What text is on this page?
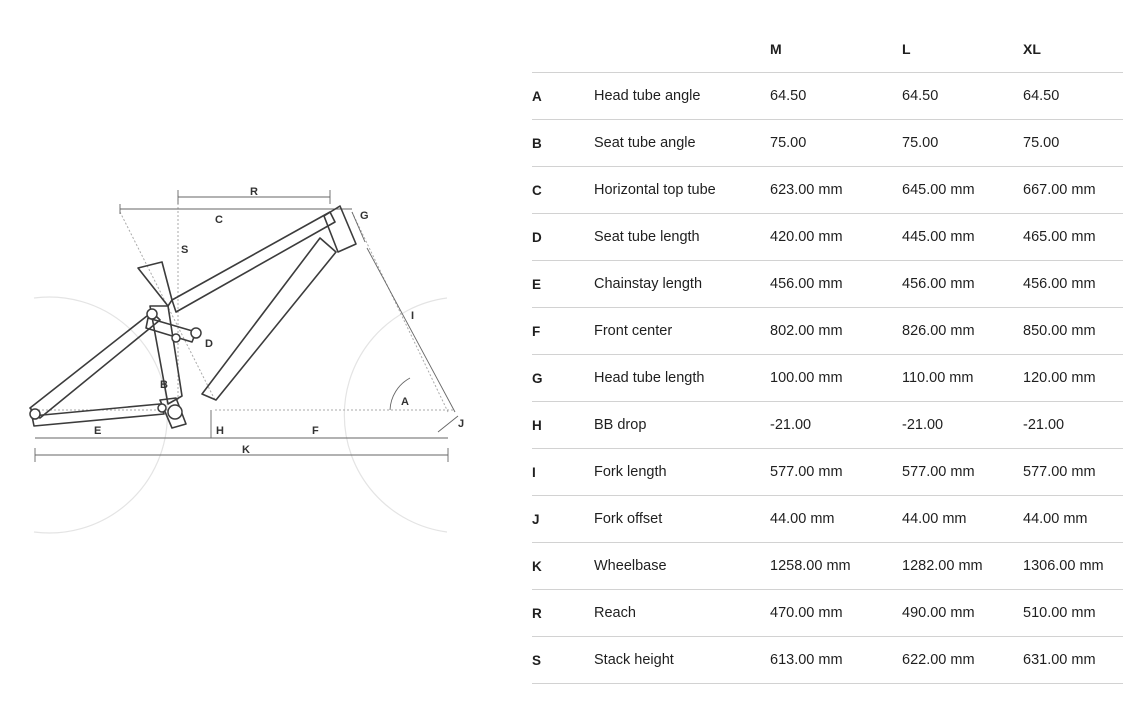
R
C	G
S
D
I
B
A
J
E	H	F
K
		M	L	XL
A	Head tube angle	64.50	64.50	64.50
B	Seat tube angle	75.00	75.00	75.00
C	Horizontal top tube	623.00 mm	645.00 mm	667.00 mm
D	Seat tube length	420.00 mm	445.00 mm	465.00 mm
E	Chainstay length	456.00 mm	456.00 mm	456.00 mm
F	Front center	802.00 mm	826.00 mm	850.00 mm
G	Head tube length	100.00 mm	110.00 mm	120.00 mm
H	BB drop	-21.00	-21.00	-21.00
I	Fork length	577.00 mm	577.00 mm	577.00 mm
J	Fork offset	44.00 mm	44.00 mm	44.00 mm
K	Wheelbase	1258.00 mm	1282.00 mm	1306.00 mm
R	Reach	470.00 mm	490.00 mm	510.00 mm
S	Stack height	613.00 mm	622.00 mm	631.00 mm
